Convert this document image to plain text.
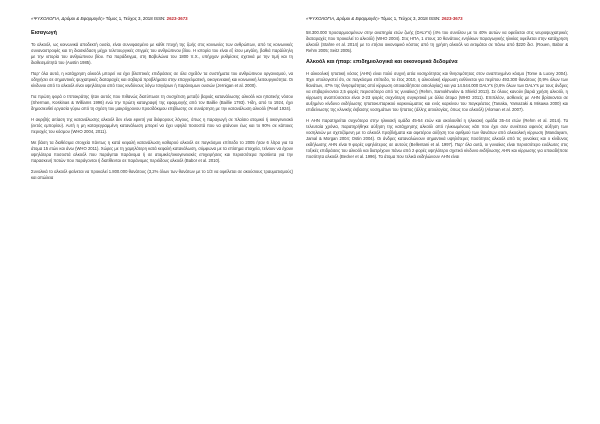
«ΨΥΧΟΛΟΓΙΑ, Δρόμοι & Εφαρμογές» Τόμος 1, Τεύχος 3, 2018 ISSN: 2623-3673
Εισαγωγή

Το αλκοόλ, ως κοινωνικά αποδεκτή ουσία, είναι συνυφασμένο με κάθε πτυχή της ζωής στις κοινωνίες των ανθρώπων, από τις κοινωνικές συναναστροφές και τη διασκέδαση μέχρι τελετουργικές στιγμές του ανθρώπινου βίου. Η ιστορία του είναι εξ ίσου μεγάλη, βαθιά παράλληλη με την ιστορία του ανθρώπινου βίου. Για παράδειγμα, στη Βαβυλώνα του 1800 π.Χ., υπήρχαν ρυθμίσεις σχετικά με την τιμή και τη διαθεσιμότητά του (Austin 1985).

Παρ' όλα αυτά, η κατάχρηση αλκοόλ μπορεί να έχει βλαπτικές επιδράσεις σε όλα σχεδόν τα συστήματα του ανθρώπινου οργανισμού, να οδηγήσει σε σημαντικές ψυχιατρικές διαταραχές και σοβαρά προβλήματα στην επαγγελματική, οικογενειακή και κοινωνική λειτουργικότητα. Οι κίνδυνοι από το αλκοόλ είναι υψηλότεροι από τους κινδύνους λόγω τσιγάρων ή παράνομων ουσιών (Jernigan et al. 2000).

Για πρώτη φορά ο Ιπποκράτης ήταν αυτός που πιθανώς διατύπωσε τη συσχέτιση μεταξύ βαριάς κατανάλωσης αλκοόλ και ηπατικής νόσου (Sherman, Koskinas & Williams 1996) ενώ την πρώτη καταγραφή της εφαρμογής από τον Baillie (Baillie 1793). Ήδη, από το 1924, έχει δημοσιευθεί εργασία γύρω από τη σχέση του μακρόχρονου προσδόκιμου επιβίωσης σε συνάρτηση με την κατανάλωση αλκοόλ (Pearl 1924).

Η ακριβής αιτίαση της κατανάλωσης αλκοόλ δεν είναι εφικτή για διάφορους λόγους, όπως η παραγωγή σε πλαίσιο ατομικό ή οικογενειακό (εκτός εμπορίου). Αυτή η μη καταγεγραμμένη κατανάλωση μπορεί να έχει υψηλά ποσοστά που να φτάνουν έως και το 90% σε κάποιες περιοχές του κόσμου (WHO 2004, 2011).

Με βάση τα διαθέσιμα στοιχεία πάντως η κατά κεφαλή κατανάλωση καθαρού αλκοόλ σε παγκόσμιο επίπεδο το 2005 ήταν 6 λίτρα για τα άτομα 15 ετών και άνω (WHO 2011). Χώρες με τη χαμηλότερη κατά κεφαλή κατανάλωση, σύμφωνα με τα επίσημα στοιχεία, τείνουν να έχουν υψηλότερα ποσοστά αλκοόλ που παράγεται παράνομα ή σε ατομικές/οικογενειακές επιχειρήσεις και περισσότερα προϊόντα για την παρασκευή ποτών που παράγονται ή διατίθενται σε παράνομες περιόδους αλκοόλ (Babor et al. 2010).

Συνολικά το αλκοόλ φαίνεται να προκαλεί 1.800.000 θανάτους (3,2% όλων των θανάτων με το 1/3 να οφείλεται σε ακούσιους τραυματισμούς) και απώλεια

«ΨΥΧΟΛΟΓΙΑ, Δρόμοι & Εφαρμογές» Τόμος 1, Τεύχος 3, 2018 ISSN: 2623-3673

58.300.000 προσαρμοσμένων στην αναπηρία ετών ζωής (DALY's) (4% του συνόλου με το 40% αυτών να οφείλεται στις νευροψυχιατρικές διαταραχές που προκαλεί το αλκοόλ) (WHO 2004). Στις ΗΠΑ, 1 στους 10 θανάτους ενηλίκων παραγωγικής ηλικίας οφείλεται στην κατάχρηση αλκοόλ (Stahre et al. 2014) με το ετήσιο οικονομικό κόστος από τη χρήση αλκοόλ να εκτιμάται σε πάνω από $220 δισ. (Rouen, Babor & Rehm 2005; Seitz 2005).

Αλκοόλ και ήπαρ: επιδημιολογικά και οικονομικά δεδομένα

Η αλκοολική ηπατική νόσος (AHN) είναι πολύ συχνή αιτία νοσηρότητας και θνησιμότητας στον αναπτυγμένο κόσμο (Tome & Lucey 2004). Έχει υπολογιστεί ότι, σε παγκόσμιο επίπεδο, το έτος 2010, η αλκοολική κίρρωση ευθύνεται για περίπου 493.300 θανάτους (0,9% όλων των θανάτων, 47% της θνησιμότητας από κίρρωση οποιασδήποτε αιτιολογίας) και για 14.544.000 DALY's (0,6% όλων των DALY's με τους άνδρες να επιβαρύνονται 2,5 φορές περισσότερο από τις γυναίκες) (Rehm, Samokhvalov & Shield 2013). Σε όλους κανούν βαριά χρήση αλκοόλ, η κίρρωση αναπτύσσεται είναι 2-23 φορές συχνότερη συγκριτικά με άλλα άτομα (WHO 2011). Επιπλέον, ασθενείς με AHN βρίσκονται σε αυξημένο κίνδυνο εκδήλωσης ηπατοκυτταρικού καρκινώματος και ενός καρκίνου του παγκρέατος (Tanaka, Yamazaki & Misawa 2000) και επιδείνωσης της κλινικής έκβασης νοσημάτων του ήπατος (άλλης αιτιολογίας, όπως του αλκοόλ) (Aloman et al. 2007).

Η AHN παρατηρείται συχνότερα στην ηλικιακή ομάδα 45-54 ετών και ακολουθεί η ηλικιακή ομάδα 35-44 ετών (Rehm et al. 2014). Τα τελευταία χρόνια, παρατηρήθηκε αύξηση της κατάχρησης αλκοόλ από ηλικιωμένους κάτι που έχει σαν συνέπεια αφενός αύξηση των νοσηλειών με σχετιζόμενη με το αλκοόλ προβλήματα και αφετέρου αύξηση του αριθμού των θανάτων από αλκοολική κίρρωση (Mandayam, Jamal & Morgan 2004; Ostin 2004). Οι άνδρες καταναλώνουν σημαντικά υψηλότερες ποσότητες αλκοόλ από τις γυναίκες και ο κίνδυνος εκδήλωσης AHN είναι 9 φορές υψηλότερος σε αυτούς (Bellentani et al. 1997). Παρ' όλα αυτά, οι γυναίκες είναι περισσότερο ευάλωτες στις τοξικές επιδράσεις του αλκοόλ και διατρέχουν πάνω από 2 φορές υψηλότερο σχετικό κίνδυνο εκδήλωσης AHN και κίρρωσης για οποιαδήποτε ποσότητα αλκοόλ (Becker et al. 1996). Τα άτομα που τελικά εκδηλώνουν AHN είναι
